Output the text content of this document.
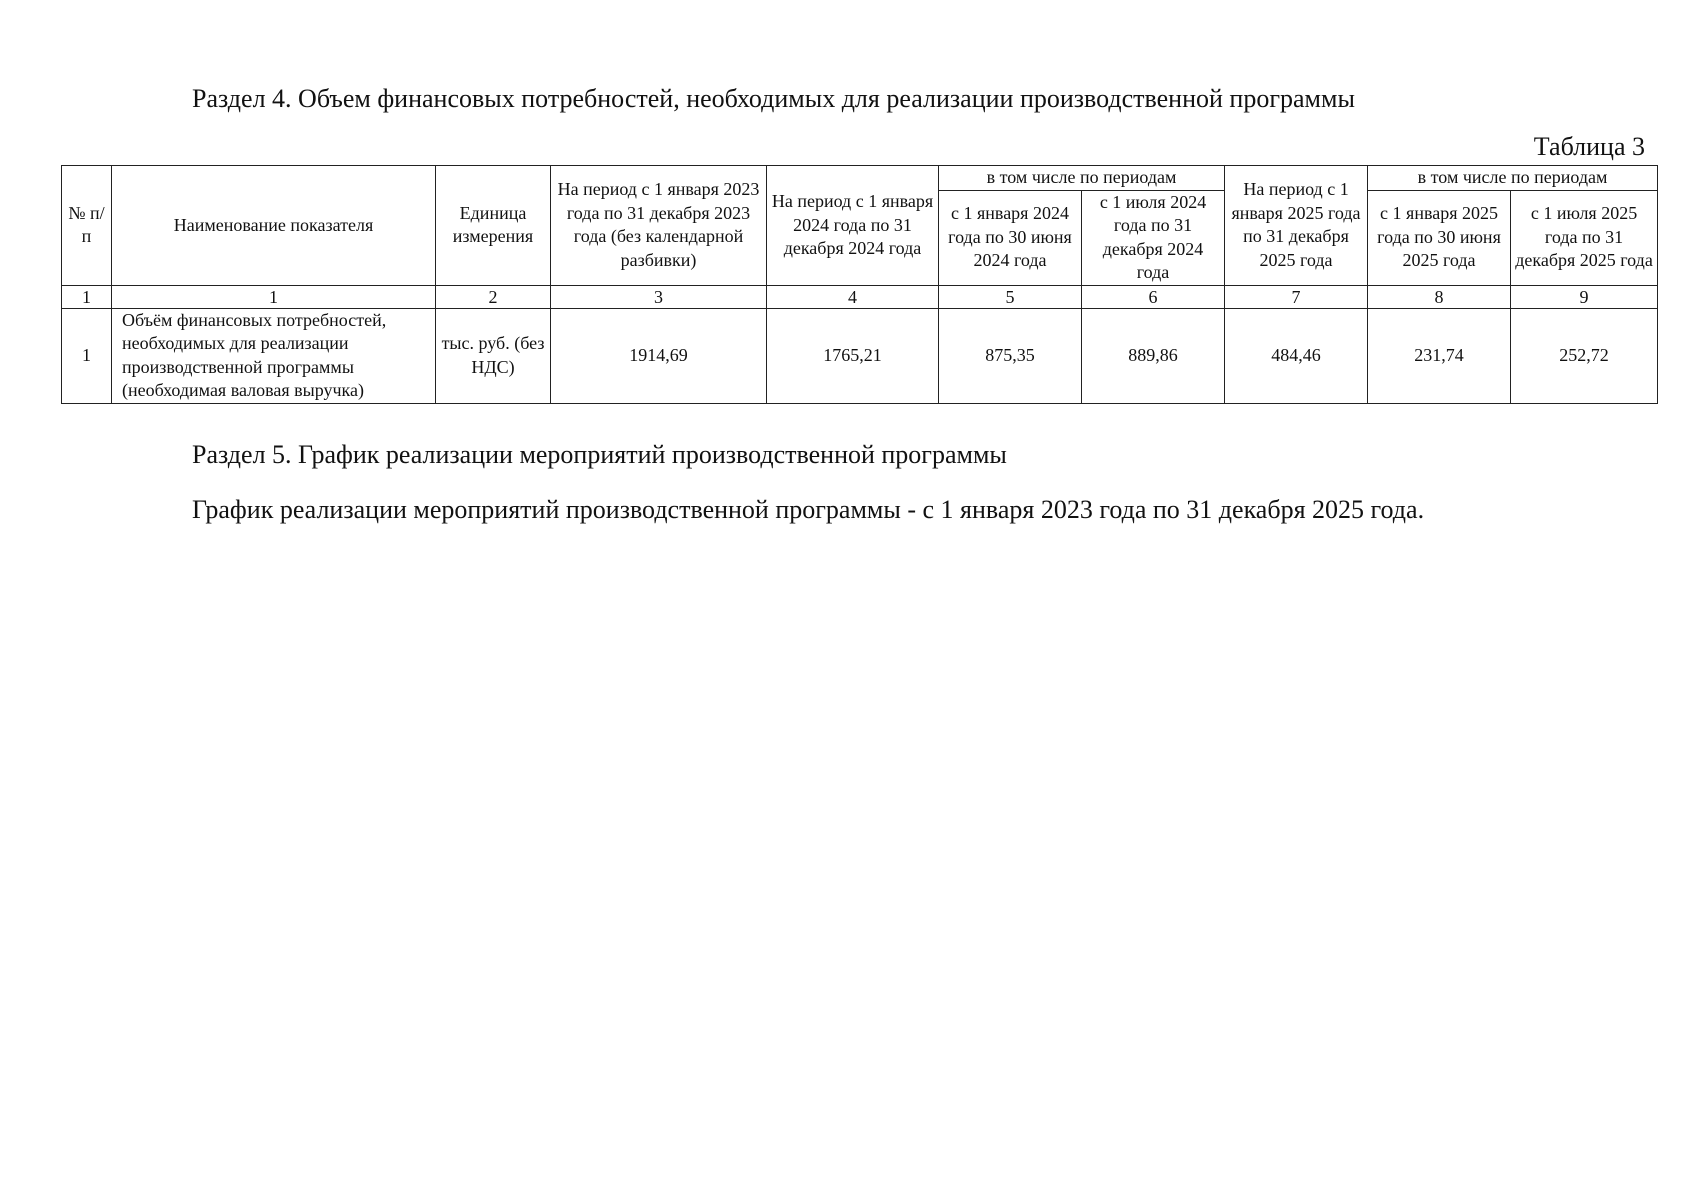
Раздел 4. Объем финансовых потребностей, необходимых для реализации производственной программы
Таблица 3
№ п/п	Наименование показателя	Единица измерения	На период с 1 января 2023 года по 31 декабря 2023 года (без календарной разбивки)	На период с 1 января 2024 года по 31 декабря 2024 года	в том числе по периодам		На период с 1 января 2025 года по 31 декабря 2025 года	в том числе по периодам	

					с 1 января 2024 года по 30 июня 2024 года	с 1 июля 2024 года по 31 декабря 2024 года		с 1 января 2025 года по 30 июня 2025 года	с 1 июля 2025 года по 31 декабря 2025 года

1	1	2	3	4	5	6	7	8	9
1	Объём финансовых потребностей, необходимых для реализации производственной программы (необходимая валовая выручка)	тыс. руб. (без НДС)	1914,69	1765,21	875,35	889,86	484,46	231,74	252,72
Раздел 5. График реализации мероприятий производственной программы

График реализации мероприятий производственной программы - с 1 января 2023 года по 31 декабря 2025 года.
